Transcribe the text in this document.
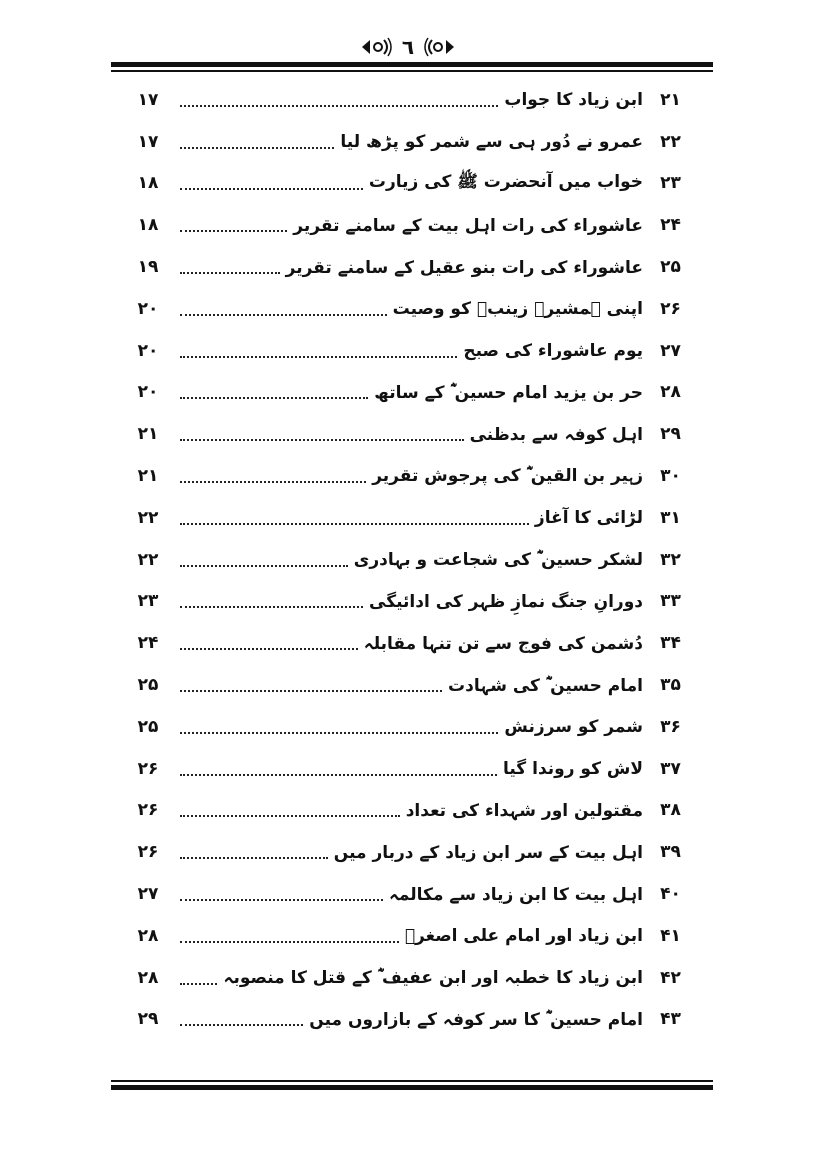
٦
۲۱
ابن زیاد کا جواب
۱۷
۲۲
عمرو نے دُور ہی سے شمر کو پڑھ لیا
۱۷
۲۳
خواب میں آنحضرت ﷺ کی زیارت
۱۸
۲۴
عاشوراء کی رات اہل بیت کے سامنے تقریر
۱۸
۲۵
عاشوراء کی رات بنو عقیل کے سامنے تقریر
۱۹
۲۶
اپنی ہمشیرہ زینبؓ کو وصیت
۲۰
۲۷
یوم عاشوراء کی صبح
۲۰
۲۸
حر بن یزید امام حسین ؓ کے ساتھ
۲۰
۲۹
اہل کوفہ سے بدظنی
۲۱
۳۰
زہیر بن القین ؓ کی پرجوش تقریر
۲۱
۳۱
لڑائی کا آغاز
۲۲
۳۲
لشکر حسین ؓ کی شجاعت و بہادری
۲۲
۳۳
دورانِ جنگ نمازِ ظہر کی ادائیگی
۲۳
۳۴
دُشمن کی فوج سے تن تنہا مقابلہ
۲۴
۳۵
امام حسین ؓ کی شہادت
۲۵
۳۶
شمر کو سرزنش
۲۵
۳۷
لاش کو روندا گیا
۲۶
۳۸
مقتولین اور شہداء کی تعداد
۲۶
۳۹
اہل بیت کے سر ابن زیاد کے دربار میں
۲۶
۴۰
اہل بیت کا ابن زیاد سے مکالمہ
۲۷
۴۱
ابن زیاد اور امام علی اصغرؒ
۲۸
۴۲
ابن زیاد کا خطبہ اور ابن عفیف ؓ کے قتل کا منصوبہ
۲۸
۴۳
امام حسین ؓ کا سر کوفہ کے بازاروں میں
۲۹
